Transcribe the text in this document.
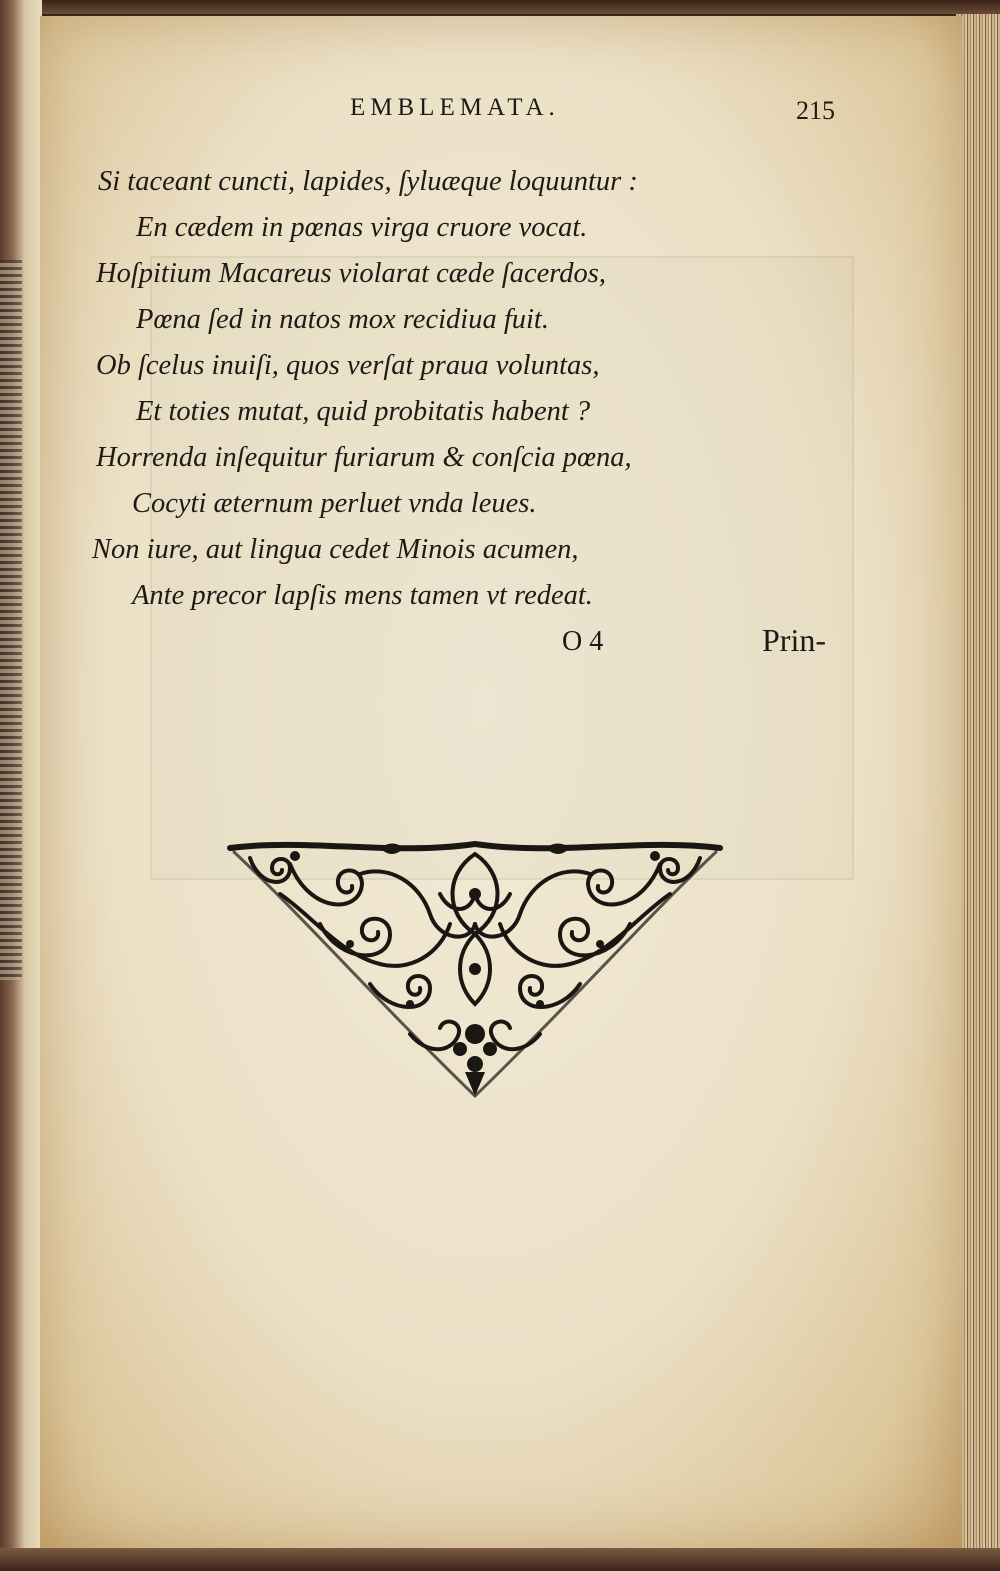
EMBLEMATA.	215
Si taceant cuncti, lapides, ſyluæque loquuntur :
En cædem in pœnas virga cruore vocat.
Hoſpitium Macareus violarat cæde ſacerdos,
Pœna ſed in natos mox recidiua fuit.
Ob ſcelus inuiſi, quos verſat praua voluntas,
Et toties mutat, quid probitatis habent ?
Horrenda inſequitur furiarum & conſcia pœna,
Cocyti æternum perluet vnda leues.
Non iure, aut lingua cedet Minois acumen,
Ante precor lapſis mens tamen vt redeat.
O 4	Prin-
